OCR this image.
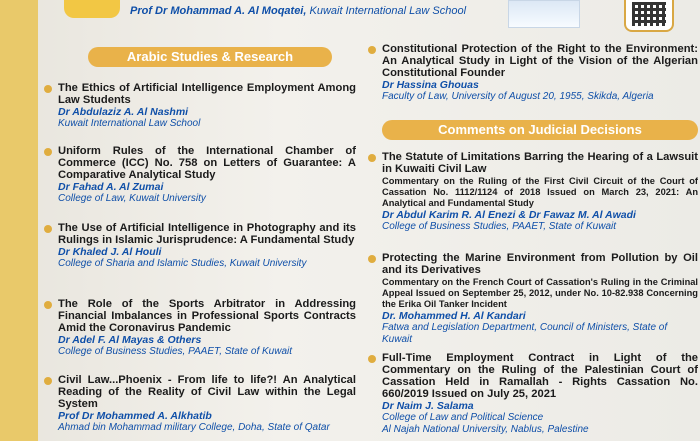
Prof Dr Mohammad A. Al Moqatei, Kuwait International Law School
Arabic Studies & Research
Comments on Judicial Decisions
The Ethics of Artificial Intelligence Employment Among Law Students
Dr Abdulaziz A. Al Nashmi
Kuwait International Law School
Uniform Rules of the International Chamber of Commerce (ICC) No. 758 on Letters of Guarantee: A Comparative Analytical Study
Dr Fahad A. Al Zumai
College of Law, Kuwait University
The Use of Artificial Intelligence in Photography and its Rulings in Islamic Jurisprudence: A Fundamental Study
Dr Khaled J. Al Houli
College of Sharia and Islamic Studies, Kuwait University
The Role of the Sports Arbitrator in Addressing Financial Imbalances in Professional Sports Contracts Amid the Coronavirus Pandemic
Dr Adel F. Al Mayas & Others
College of Business Studies, PAAET, State of Kuwait
Civil Law...Phoenix - From life to life?! An Analytical Reading of the Reality of Civil Law within the Legal System
Prof Dr Mohammed A. Alkhatib
Ahmad bin Mohammad military College, Doha, State of Qatar
Constitutional Protection of the Right to the Environment: An Analytical Study in Light of the Vision of the Algerian Constitutional Founder
Dr Hassina Ghouas
Faculty of Law, University of August 20, 1955, Skikda, Algeria
The Statute of Limitations Barring the Hearing of a Lawsuit in Kuwaiti Civil Law
Commentary on the Ruling of the First Civil Circuit of the Court of Cassation No. 1112/1124 of 2018 Issued on March 23, 2021: An Analytical and Fundamental Study
Dr Abdul Karim R. Al Enezi & Dr Fawaz M. Al Awadi
College of Business Studies, PAAET, State of Kuwait
Protecting the Marine Environment from Pollution by Oil and its Derivatives
Commentary on the French Court of Cassation's Ruling in the Criminal Appeal Issued on September 25, 2012, under No. 10-82.938 Concerning the Erika Oil Tanker Incident
Dr. Mohammed H. Al Kandari
Fatwa and Legislation Department, Council of Ministers, State of Kuwait
Full-Time Employment Contract in Light of the Commentary on the Ruling of the Palestinian Court of Cassation Held in Ramallah - Rights Cassation No. 660/2019 Issued on July 25, 2021
Dr Naim J. Salama
College of Law and Political Science
Al Najah National University, Nablus, Palestine
